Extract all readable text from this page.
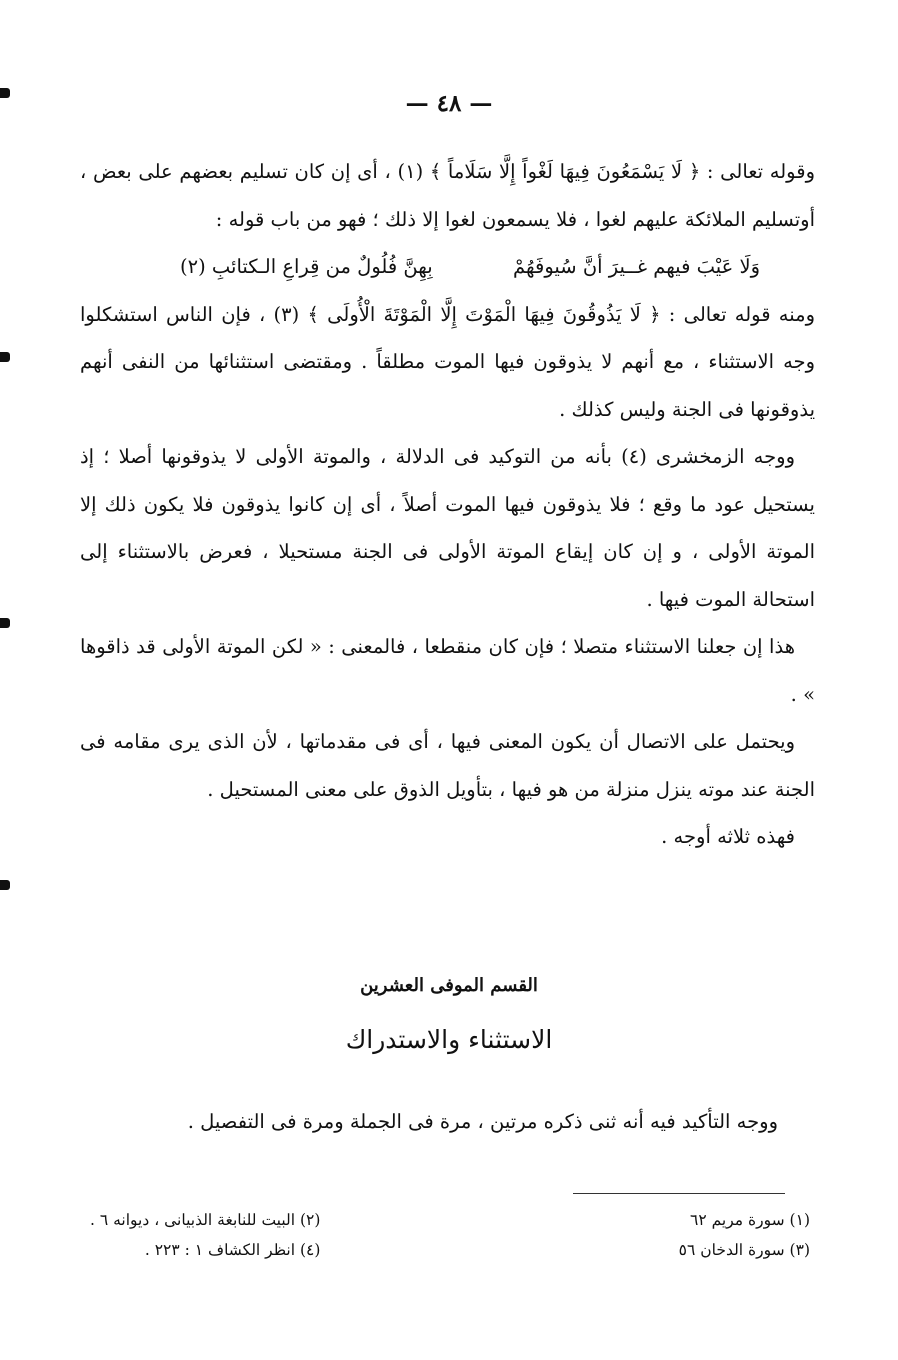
— ٤٨ —

وقوله تعالى : ﴿ لَا يَسْمَعُونَ فِيهَا لَغْواً إِلَّا سَلَاماً ﴾ (١) ، أى إن كان تسليم بعضهم على بعض ، أوتسليم الملائكة عليهم لغوا ، فلا يسمعون لغوا إلا ذلك ؛ فهو من باب قوله :

وَلَا عَيْبَ فيهم غــيرَ أنَّ سُيوفَهُمْ
بِهِنَّ فُلُولٌ من قِراعِ الـكتائبِ (٢)

ومنه قوله تعالى : ﴿ لَا يَذُوقُونَ فِيهَا الْمَوْتَ إِلَّا الْمَوْتَةَ الْأُولَى ﴾ (٣) ، فإن الناس استشكلوا وجه الاستثناء ، مع أنهم لا يذوقون فيها الموت مطلقاً . ومقتضى استثنائها من النفى أنهم يذوقونها فى الجنة وليس كذلك .

ووجه الزمخشرى (٤) بأنه من التوكيد فى الدلالة ، والموتة الأولى لا يذوقونها أصلا ؛ إذ يستحيل عود ما وقع ؛ فلا يذوقون فيها الموت أصلاً ، أى إن كانوا يذوقون فلا يكون ذلك إلا الموتة الأولى ، و إن كان إيقاع الموتة الأولى فى الجنة مستحيلا ، فعرض بالاستثناء إلى استحالة الموت فيها .

هذا إن جعلنا الاستثناء متصلا ؛ فإن كان منقطعا ، فالمعنى : « لكن الموتة الأولى قد ذاقوها » .

ويحتمل على الاتصال أن يكون المعنى فيها ، أى فى مقدماتها ، لأن الذى يرى مقامه فى الجنة عند موته ينزل منزلة من هو فيها ، بتأويل الذوق على معنى المستحيل .

فهذه ثلاثه أوجه .

القسم الموفى العشرين
الاستثناء والاستدراك
ووجه التأكيد فيه أنه ثنى ذكره مرتين ، مرة فى الجملة ومرة فى التفصيل .
(١) سورة مريم ٦٢
(٣) سورة الدخان ٥٦
(٢) البيت للنابغة الذبيانى ، ديوانه ٦ .
(٤) انظر الكشاف ١ : ٢٢٣ .
